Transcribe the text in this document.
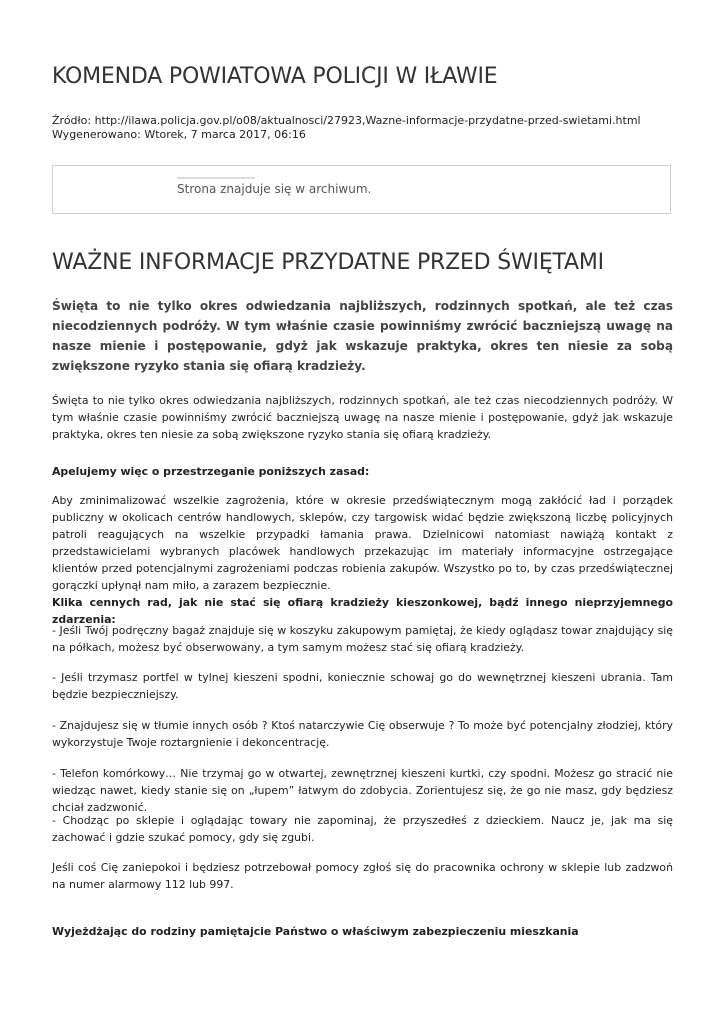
KOMENDA POWIATOWA POLICJI W IŁAWIE
Źródło: http://ilawa.policja.gov.pl/o08/aktualnosci/27923,Wazne-informacje-przydatne-przed-swietami.html
Wygenerowano: Wtorek, 7 marca 2017, 06:16
Strona znajduje się w archiwum.
WAŻNE INFORMACJE PRZYDATNE PRZED ŚWIĘTAMI

Święta to nie tylko okres odwiedzania najbliższych, rodzinnych spotkań, ale też czas niecodziennych podróży. W tym właśnie czasie powinniśmy zwrócić baczniejszą uwagę na nasze mienie i postępowanie, gdyż jak wskazuje praktyka, okres ten niesie za sobą zwiększone ryzyko stania się ofiarą kradzieży.

Święta to nie tylko okres odwiedzania najbliższych, rodzinnych spotkań, ale też czas niecodziennych podróży. W tym właśnie czasie powinniśmy zwrócić baczniejszą uwagę na nasze mienie i postępowanie, gdyż jak wskazuje praktyka, okres ten niesie za sobą zwiększone ryzyko stania się ofiarą kradzieży.

Apelujemy więc o przestrzeganie poniższych zasad:

Aby zminimalizować wszelkie zagrożenia, które w okresie przedświątecznym mogą zakłócić ład i porządek publiczny w okolicach centrów handlowych, sklepów, czy targowisk widać będzie zwiększoną liczbę policyjnych patroli reagujących na wszelkie przypadki łamania prawa. Dzielnicowi natomiast nawiążą kontakt z przedstawicielami wybranych placówek handlowych przekazując im materiały informacyjne ostrzegające klientów przed potencjalnymi zagrożeniami podczas robienia zakupów. Wszystko po to, by czas przedświątecznej gorączki upłynął nam miło, a zarazem bezpiecznie.

Klika cennych rad, jak nie stać się ofiarą kradzieży kieszonkowej, bądź innego nieprzyjemnego zdarzenia:

- Jeśli Twój podręczny bagaż znajduje się w koszyku zakupowym pamiętaj, że kiedy oglądasz towar znajdujący się na półkach, możesz być obserwowany, a tym samym możesz stać się ofiarą kradzieży.

- Jeśli trzymasz portfel w tylnej kieszeni spodni, koniecznie schowaj go do wewnętrznej kieszeni ubrania. Tam będzie bezpieczniejszy.

- Znajdujesz się w tłumie innych osób ? Ktoś natarczywie Cię obserwuje ? To może być potencjalny złodziej, który wykorzystuje Twoje roztargnienie i dekoncentrację.

- Telefon komórkowy… Nie trzymaj go w otwartej, zewnętrznej kieszeni kurtki, czy spodni. Możesz go stracić nie wiedząc nawet, kiedy stanie się on „łupem” łatwym do zdobycia. Zorientujesz się, że go nie masz, gdy będziesz chciał zadzwonić.

- Chodząc po sklepie i oglądając towary nie zapominaj, że przyszedłeś z dzieckiem. Naucz je, jak ma się zachować i gdzie szukać pomocy, gdy się zgubi.

Jeśli coś Cię zaniepokoi i będziesz potrzebował pomocy zgłoś się do pracownika ochrony w sklepie lub zadzwoń na numer alarmowy 112 lub 997.

Wyjeżdżając do rodziny pamiętajcie Państwo o właściwym zabezpieczeniu mieszkania
